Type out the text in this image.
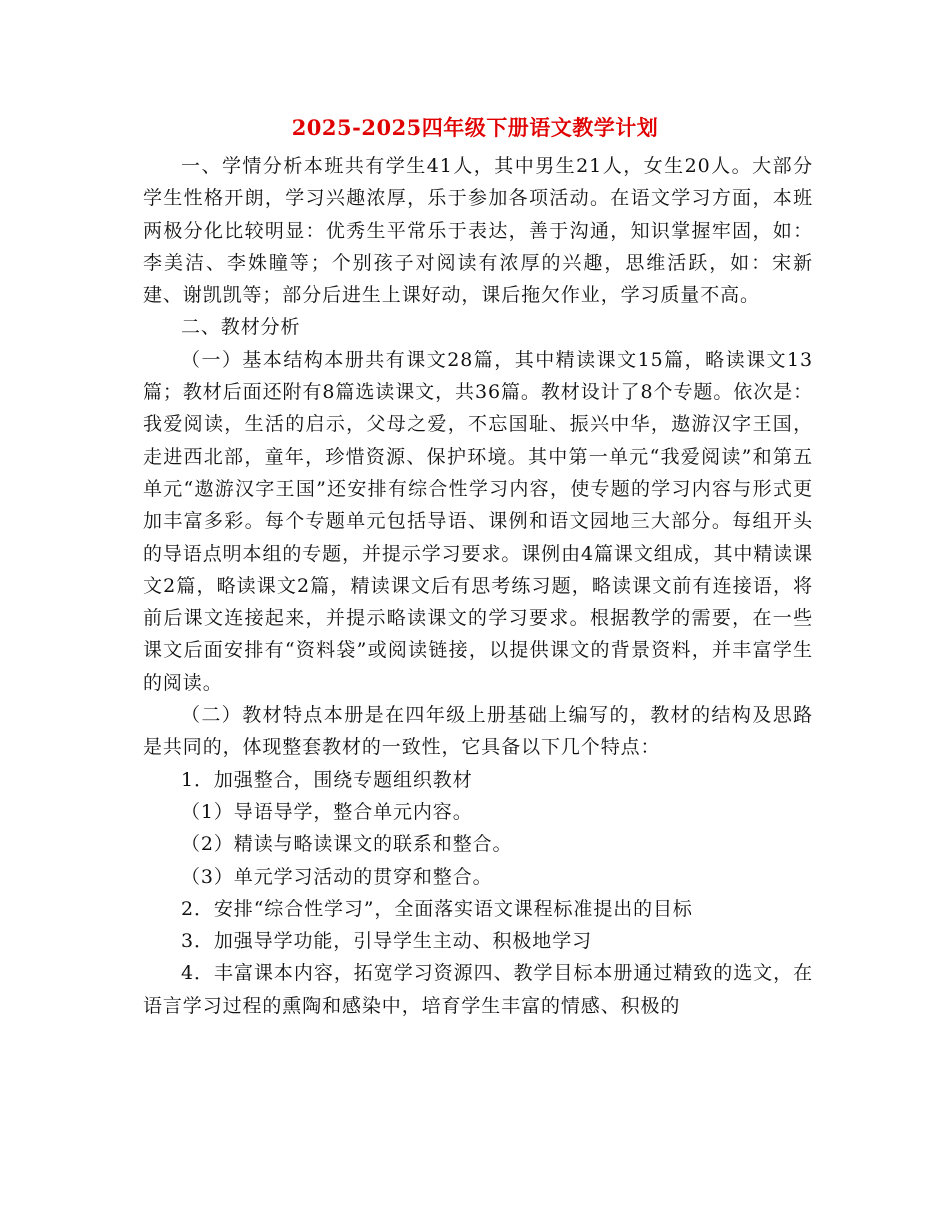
2025-2025四年级下册语文教学计划

一、学情分析本班共有学生41人，其中男生21人，女生20人。大部分学生性格开朗，学习兴趣浓厚，乐于参加各项活动。在语文学习方面，本班两极分化比较明显：优秀生平常乐于表达，善于沟通，知识掌握牢固，如：李美洁、李姝瞳等；个别孩子对阅读有浓厚的兴趣，思维活跃，如：宋新建、谢凯凯等；部分后进生上课好动，课后拖欠作业，学习质量不高。

二、教材分析

（一）基本结构本册共有课文28篇，其中精读课文15篇，略读课文13篇；教材后面还附有8篇选读课文，共36篇。教材设计了8个专题。依次是：我爱阅读，生活的启示，父母之爱，不忘国耻、振兴中华，遨游汉字王国，走进西北部，童年，珍惜资源、保护环境。其中第一单元“我爱阅读”和第五单元“遨游汉字王国”还安排有综合性学习内容，使专题的学习内容与形式更加丰富多彩。每个专题单元包括导语、课例和语文园地三大部分。每组开头的导语点明本组的专题，并提示学习要求。课例由4篇课文组成，其中精读课文2篇，略读课文2篇，精读课文后有思考练习题，略读课文前有连接语，将前后课文连接起来，并提示略读课文的学习要求。根据教学的需要，在一些课文后面安排有“资料袋”或阅读链接，以提供课文的背景资料，并丰富学生的阅读。

（二）教材特点本册是在四年级上册基础上编写的，教材的结构及思路是共同的，体现整套教材的一致性，它具备以下几个特点：

1．加强整合，围绕专题组织教材

（1）导语导学，整合单元内容。

（2）精读与略读课文的联系和整合。

（3）单元学习活动的贯穿和整合。

2．安排“综合性学习”，全面落实语文课程标准提出的目标

3．加强导学功能，引导学生主动、积极地学习

4．丰富课本内容，拓宽学习资源四、教学目标本册通过精致的选文，在语言学习过程的熏陶和感染中，培育学生丰富的情感、积极的
